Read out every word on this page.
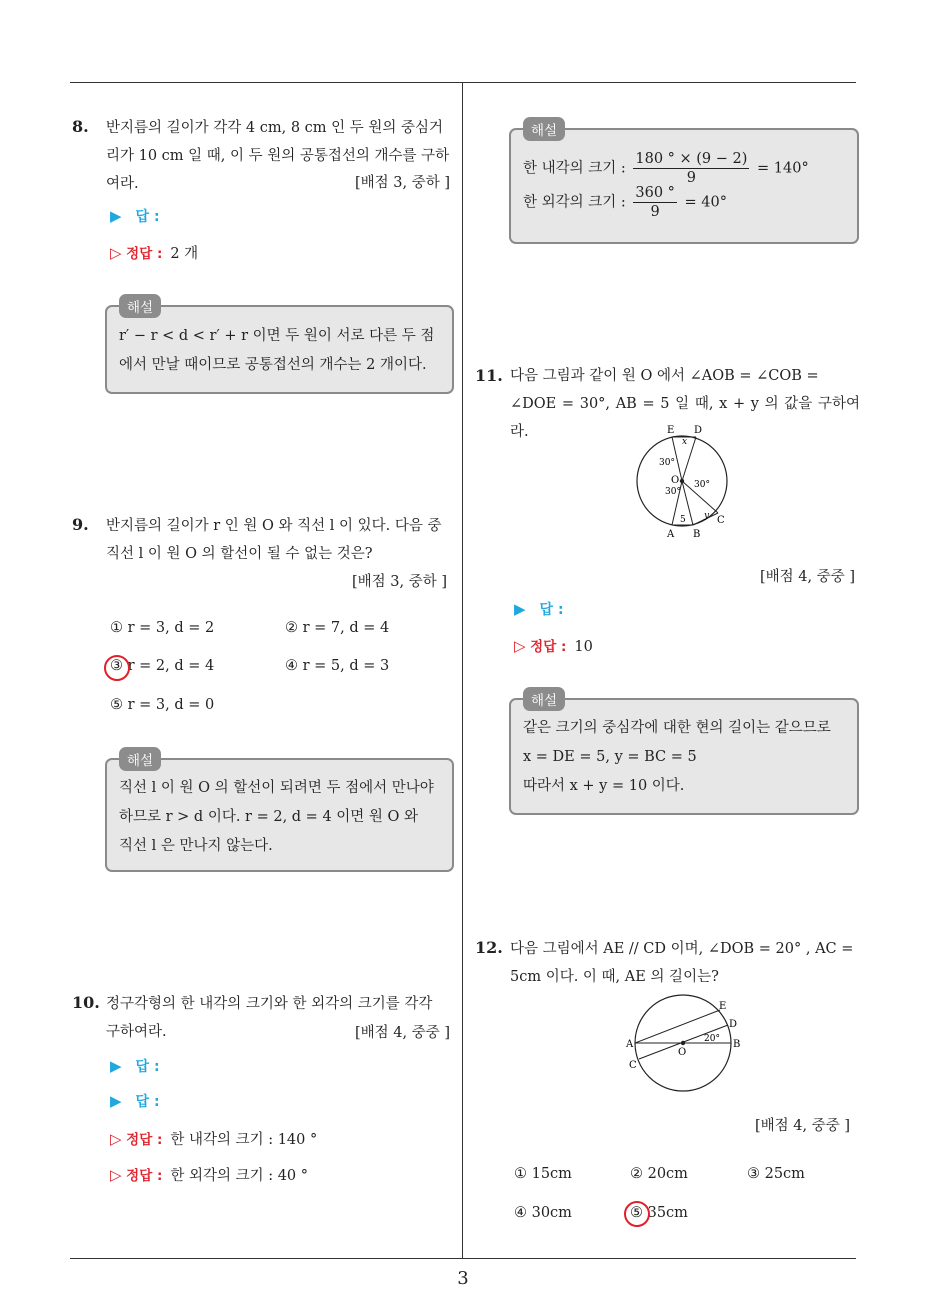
8. 반지름의 길이가 각각 4 cm, 8 cm 인 두 원의 중심거
리가 10 cm 일 때, 이 두 원의 공통접선의 개수를 구하
여라.	[배점 3, 중하 ]
▶ 답 :
▷ 정답 : 2 개
해설
r′ − r < d < r′ + r 이면 두 원이 서로 다른 두 점
에서 만날 때이므로 공통접선의 개수는 2 개이다.
9. 반지름의 길이가 r 인 원 O 와 직선 l 이 있다. 다음 중
직선 l 이 원 O 의 할선이 될 수 없는 것은?
[배점 3, 중하 ]
① r = 3, d = 2	② r = 7, d = 4
③ r = 2, d = 4	④ r = 5, d = 3
⑤ r = 3, d = 0
해설
직선 l 이 원 O 의 할선이 되려면 두 점에서 만나야
하므로 r > d 이다. r = 2, d = 4 이면 원 O 와
직선 l 은 만나지 않는다.
10. 정구각형의 한 내각의 크기와 한 외각의 크기를 각각
구하여라.	[배점 4, 중중 ]
▶ 답 :
▶ 답 :
▷ 정답 : 한 내각의 크기 : 140 °
▷ 정답 : 한 외각의 크기 : 40 °
해설
한 내각의 크기 : $\frac{180 ^\circ \times (9 - 2)}{9} = 140^\circ$
한 외각의 크기 : $\frac{360 ^\circ}{9} = 40^\circ$
11. 다음 그림과 같이 원 O 에서 ∠AOB = ∠COB =
∠DOE = 30°, AB = 5 일 때, x + y 의 값을 구하여라.	E D
O
A B
C
x
y
5
30°
30°
30°
[배점 4, 중중 ]
▶ 답 :
▷ 정답 : 10
해설
같은 크기의 중심각에 대한 현의 길이는 같으므로
x = DE = 5, y = BC = 5
따라서 x + y = 10 이다.
12. 다음 그림에서 AE // CD 이며, ∠DOB = 20° , AC =
5cm 이다. 이 때, AE 의 길이는?
A	B
C
D
E
O
20°
[배점 4, 중중 ]
① 15cm	② 20cm	③ 25cm
④ 30cm	⑤ 35cm
3
